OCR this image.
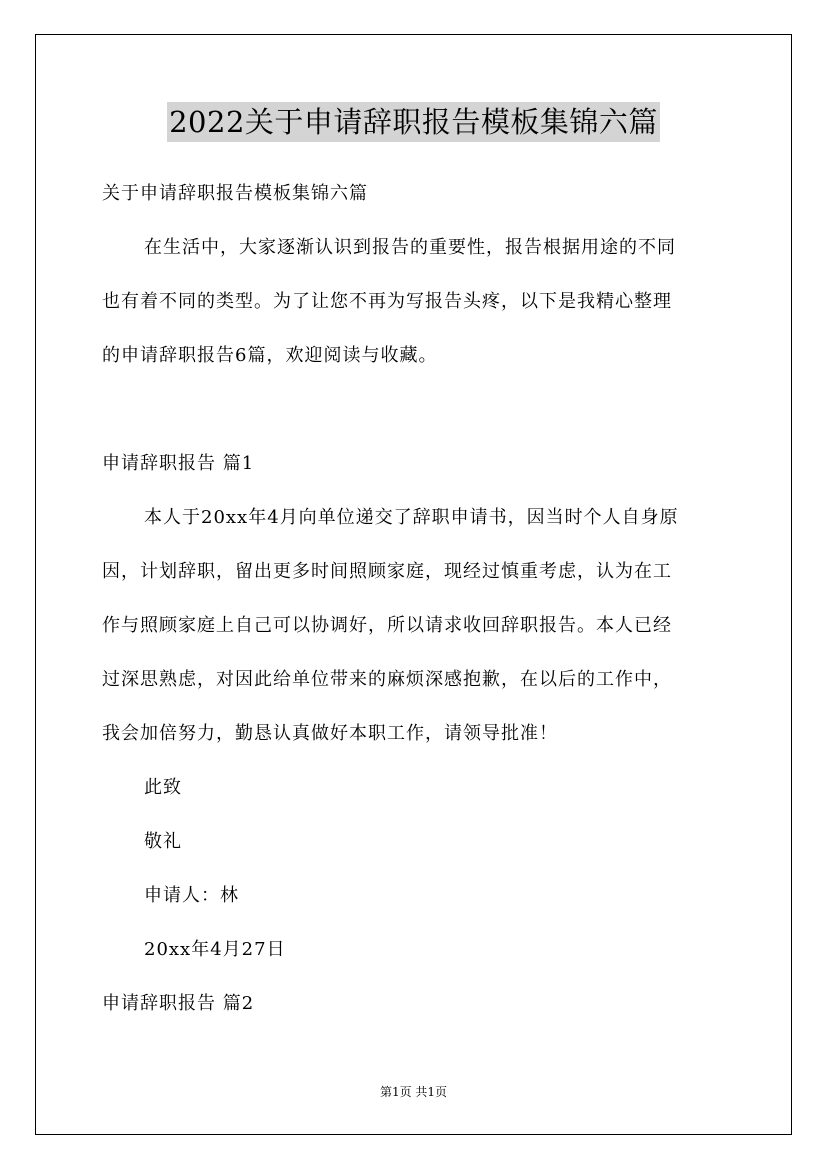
2022关于申请辞职报告模板集锦六篇
关于申请辞职报告模板集锦六篇
在生活中，大家逐渐认识到报告的重要性，报告根据用途的不同
也有着不同的类型。为了让您不再为写报告头疼，以下是我精心整理
的申请辞职报告6篇，欢迎阅读与收藏。
申请辞职报告 篇1
本人于20xx年4月向单位递交了辞职申请书，因当时个人自身原
因，计划辞职，留出更多时间照顾家庭，现经过慎重考虑，认为在工
作与照顾家庭上自己可以协调好，所以请求收回辞职报告。本人已经
过深思熟虑，对因此给单位带来的麻烦深感抱歉，在以后的工作中，
我会加倍努力，勤恳认真做好本职工作，请领导批准！
此致
敬礼
申请人：林
20xx年4月27日
申请辞职报告 篇2
第1页 共1页
